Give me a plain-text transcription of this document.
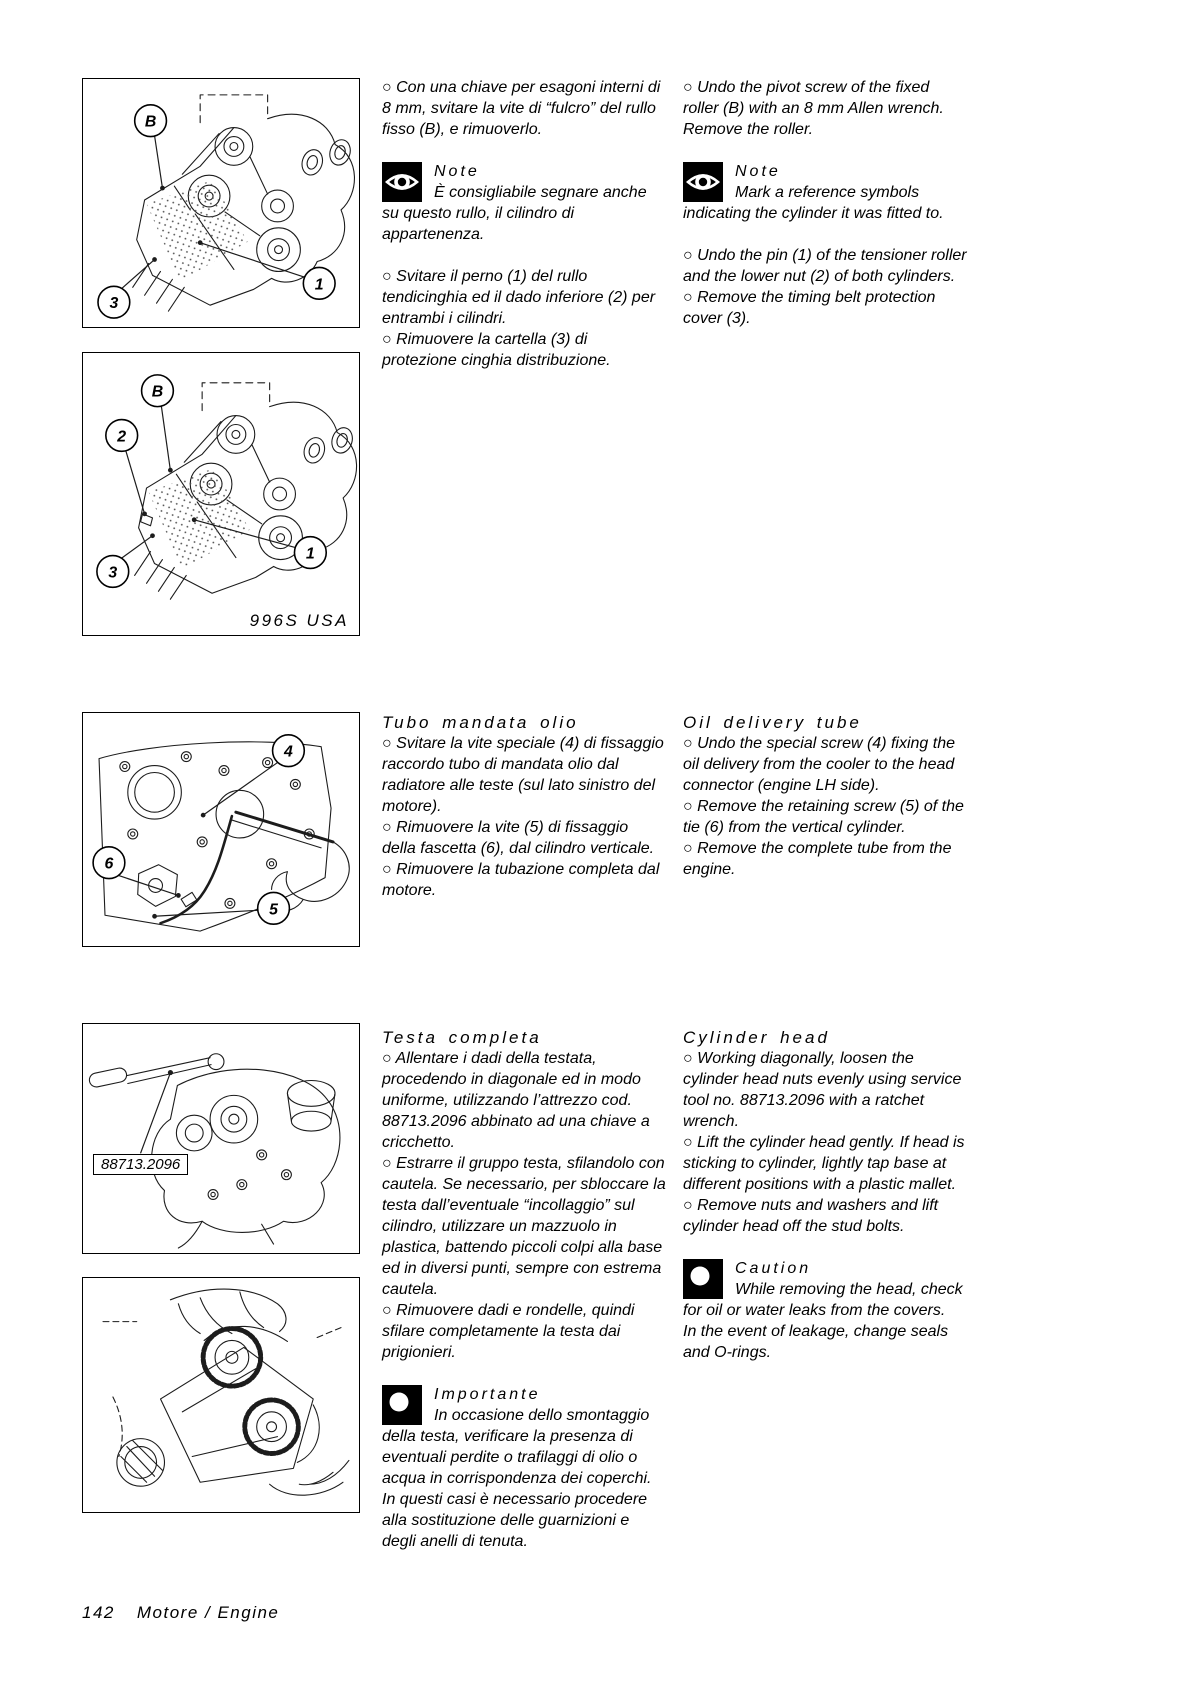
B
1
3
B
2
1
3
996S USA
4
6
5
88713.2096

○ Con una chiave per esagoni interni di 8 mm, svitare la vite di “fulcro” del rullo fisso (B), e rimuoverlo.

Note

È consigliabile segnare anche su questo rullo, il cilindro di appartenenza.

○ Svitare il perno (1) del rullo tendicinghia ed il dado inferiore (2) per entrambi i cilindri.

○ Rimuovere la cartella (3) di protezione cinghia distribuzione.

○ Undo the pivot screw of the fixed roller (B) with an 8 mm Allen wrench. Remove the roller.

Note

Mark a reference symbols indicating the cylinder it was fitted to.

○ Undo the pin (1) of the tensioner roller and the lower nut (2) of both cylinders.

○ Remove the timing belt protection cover (3).

Tubo mandata olio

○ Svitare la vite speciale (4) di fissaggio raccordo tubo di mandata olio dal radiatore alle teste (sul lato sinistro del motore).

○ Rimuovere la vite (5) di fissaggio della fascetta (6), dal cilindro verticale.

○ Rimuovere la tubazione completa dal motore.

Oil delivery tube

○ Undo the special screw (4) fixing the oil delivery from the cooler to the head connector (engine LH side).

○ Remove the retaining screw (5) of the tie (6) from the vertical cylinder.

○ Remove the complete tube from the engine.

Testa completa

○ Allentare i dadi della testata, procedendo in diagonale ed in modo uniforme, utilizzando l’attrezzo cod. 88713.2096 abbinato ad una chiave a cricchetto.

○ Estrarre il gruppo testa, sfilandolo con cautela. Se necessario, per sbloccare la testa dall’eventuale “incollaggio” sul cilindro, utilizzare un mazzuolo in plastica, battendo piccoli colpi alla base ed in diversi punti, sempre con estrema cautela.

○ Rimuovere dadi e rondelle, quindi sfilare completamente la testa dai prigionieri.

Importante

In occasione dello smontaggio della testa, verificare la presenza di eventuali perdite o trafilaggi di olio o acqua in corrispondenza dei coperchi.

In questi casi è necessario procedere alla sostituzione delle guarnizioni e degli anelli di tenuta.

Cylinder head

○ Working diagonally, loosen the cylinder head nuts evenly using service tool no. 88713.2096 with a ratchet wrench.

○ Lift the cylinder head gently. If head is sticking to cylinder, lightly tap base at different positions with a plastic mallet.

○ Remove nuts and washers and lift cylinder head off the stud bolts.

Caution

While removing the head, check for oil or water leaks from the covers.

In the event of leakage, change seals and O-rings.

142 Motore / Engine
